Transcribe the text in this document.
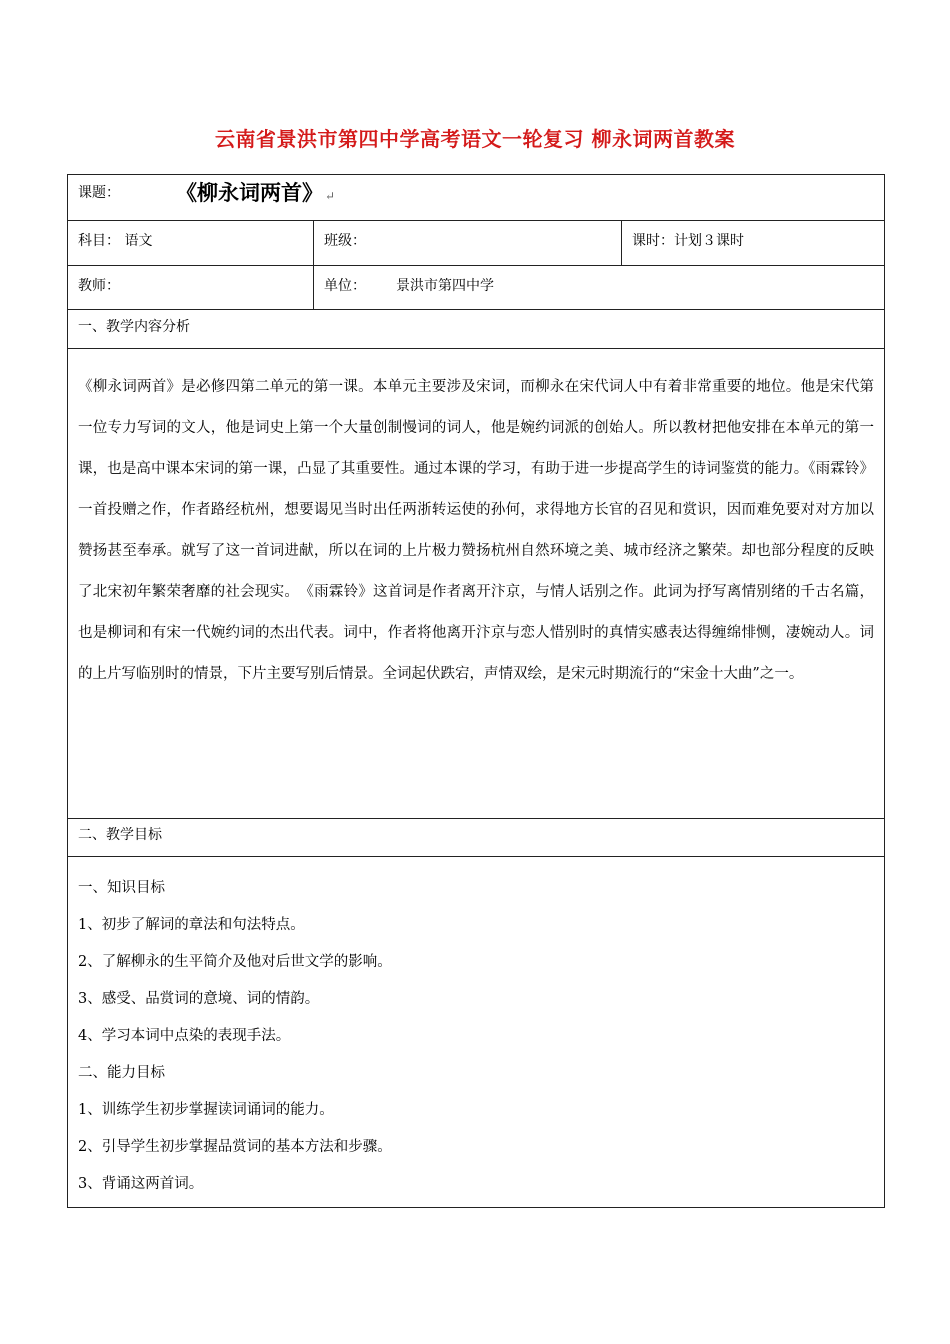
云南省景洪市第四中学高考语文一轮复习 柳永词两首教案
课题：	《柳永词两首》 ↵
科目： 语文	班级：	课时：计划３课时
教师：	单位： 景洪市第四中学
一、教学内容分析
《柳永词两首》是必修四第二单元的第一课。本单元主要涉及宋词，而柳永在宋代词人中有着非常重要的地位。他是宋代第一位专力写词的文人，他是词史上第一个大量创制慢词的词人，他是婉约词派的创始人。所以教材把他安排在本单元的第一课，也是高中课本宋词的第一课，凸显了其重要性。通过本课的学习，有助于进一步提高学生的诗词鉴赏的能力。《雨霖铃》一首投赠之作，作者路经杭州，想要谒见当时出任两浙转运使的孙何，求得地方长官的召见和赏识，因而难免要对对方加以赞扬甚至奉承。就写了这一首词进献，所以在词的上片极力赞扬杭州自然环境之美、城市经济之繁荣。却也部分程度的反映了北宋初年繁荣奢靡的社会现实。　《雨霖铃》这首词是作者离开汴京，与情人话别之作。此词为抒写离情别绪的千古名篇，也是柳词和有宋一代婉约词的杰出代表。词中，作者将他离开汴京与恋人惜别时的真情实感表达得缠绵悱恻，凄婉动人。词的上片写临别时的情景，下片主要写别后情景。全词起伏跌宕，声情双绘，是宋元时期流行的“宋金十大曲”之一。
二、教学目标
一、知识目标
1、初步了解词的章法和句法特点。
2、了解柳永的生平简介及他对后世文学的影响。
3、感受、品赏词的意境、词的情韵。
4、学习本词中点染的表现手法。
二、能力目标
1、训练学生初步掌握读词诵词的能力。
2、引导学生初步掌握品赏词的基本方法和步骤。
3、背诵这两首词。
